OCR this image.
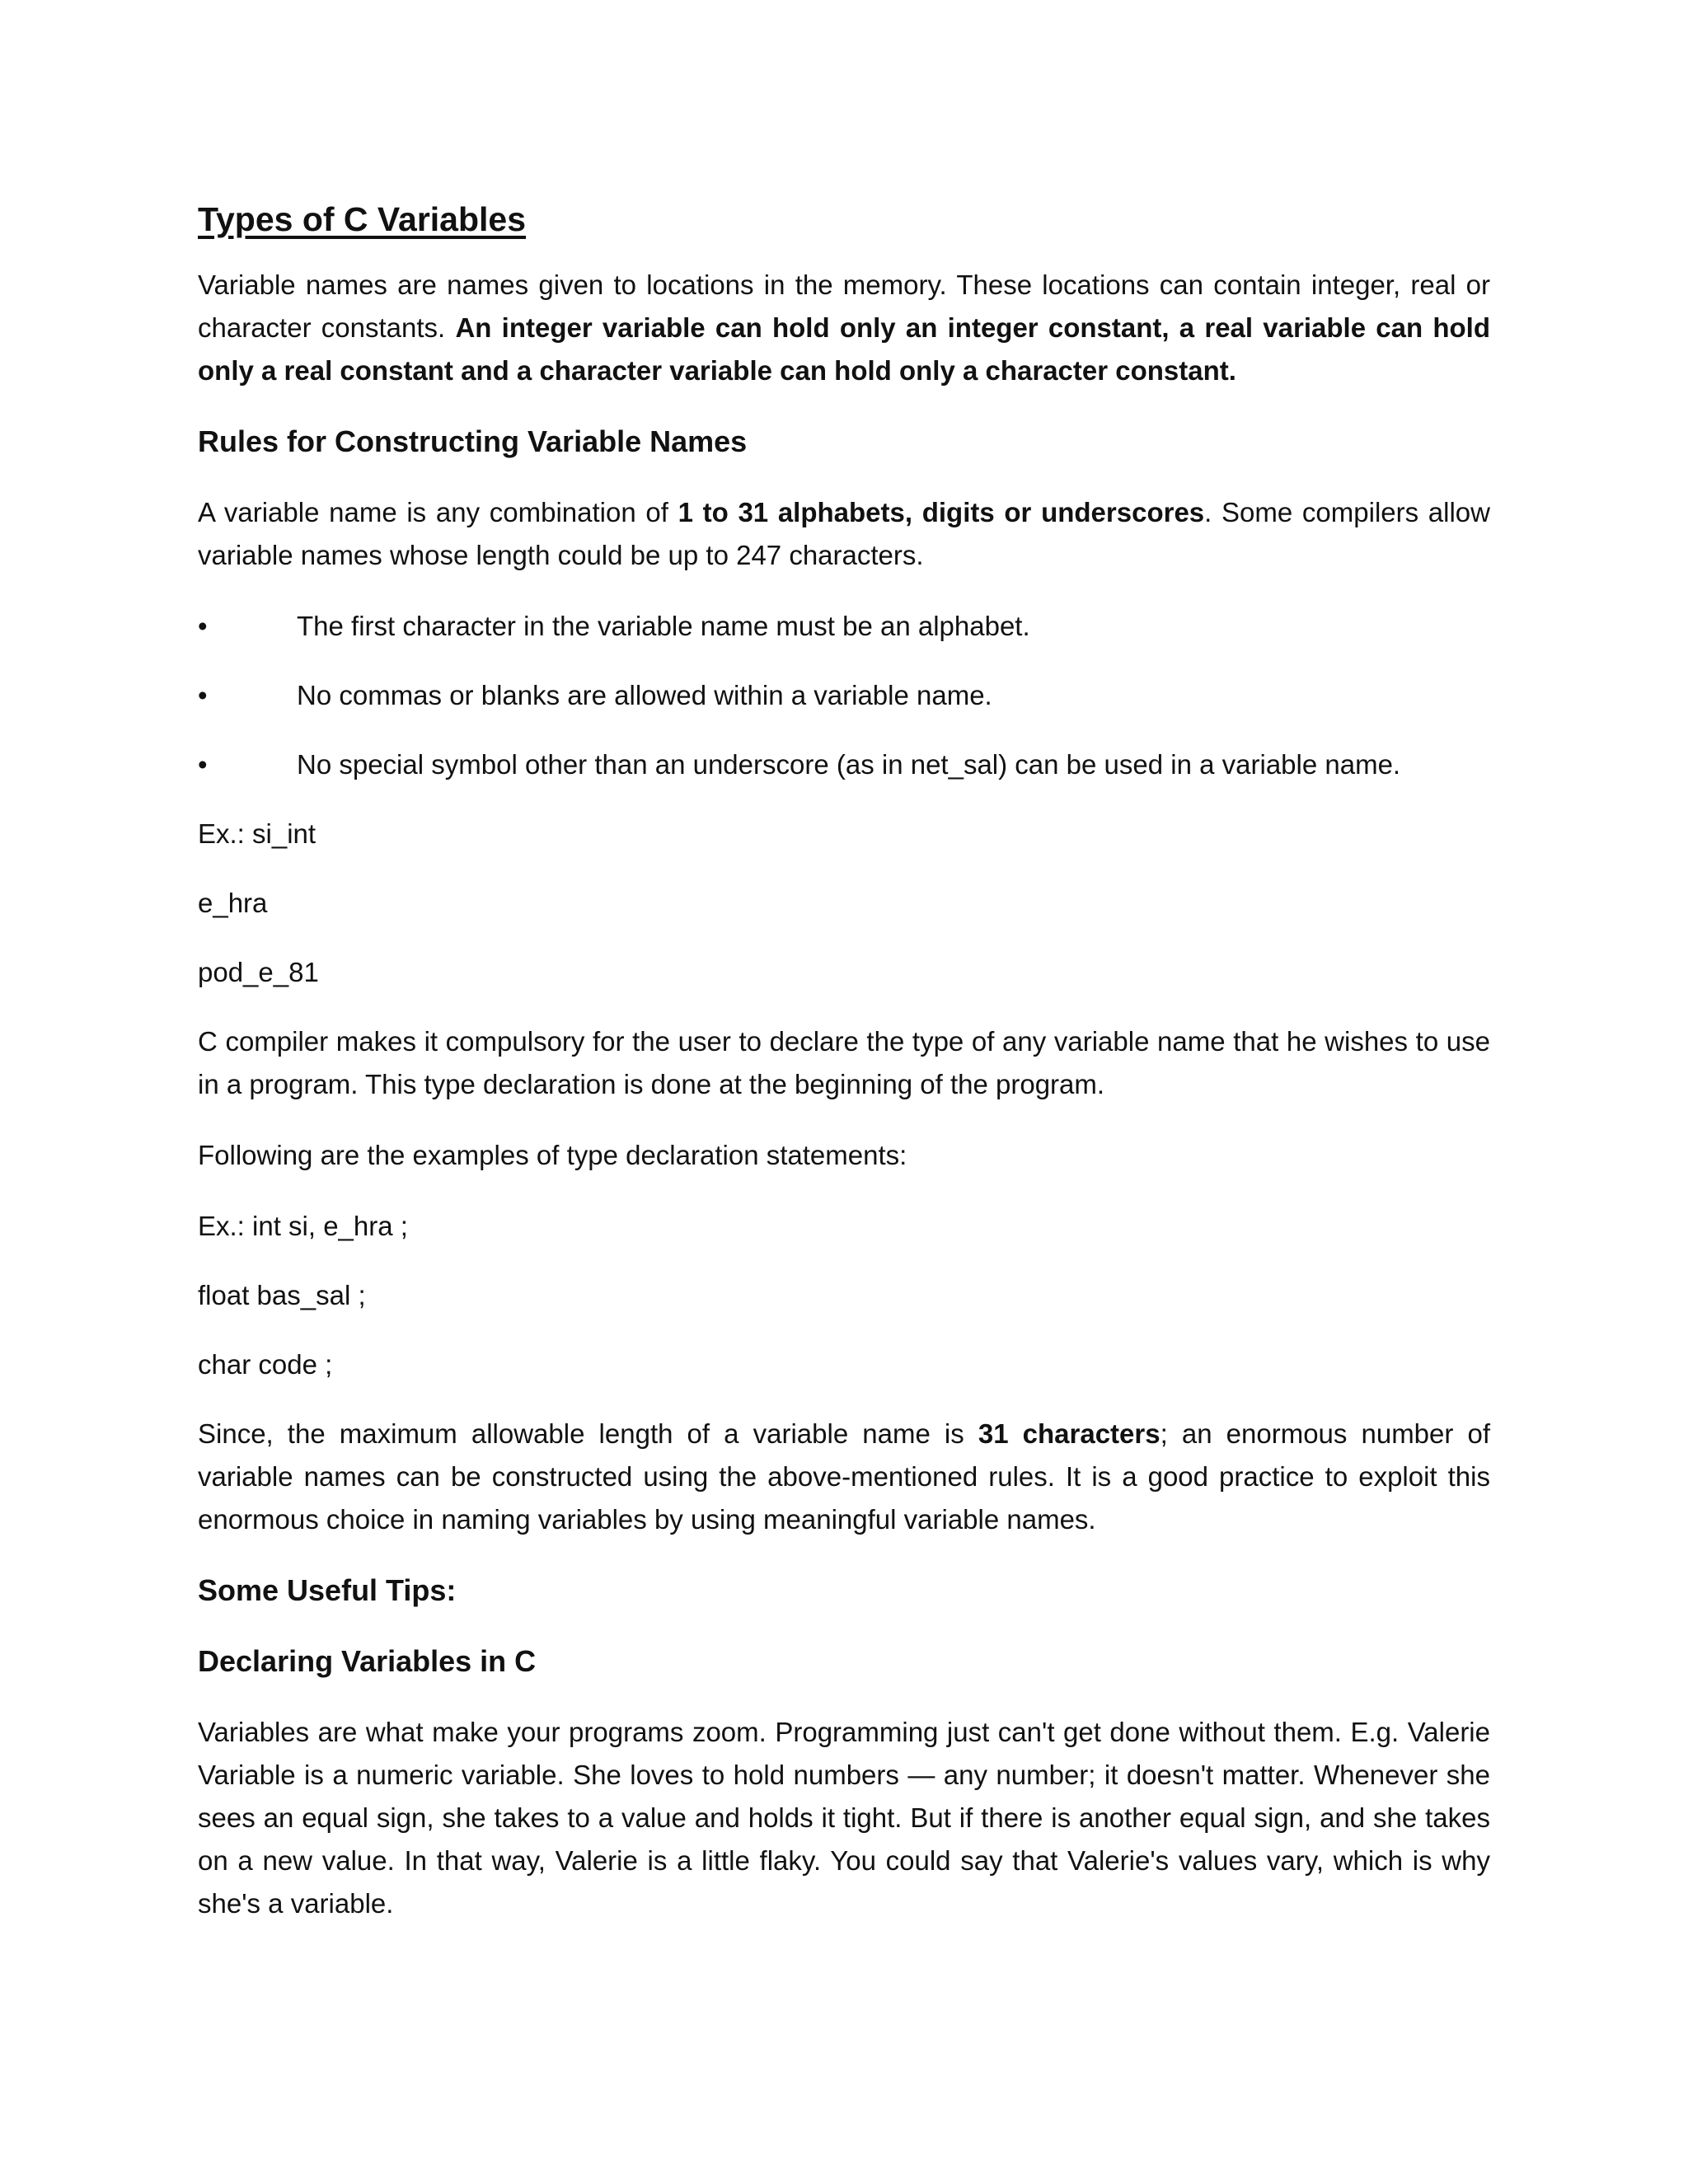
Types of C Variables

Variable names are names given to locations in the memory. These locations can contain integer, real or character constants. An integer variable can hold only an integer constant, a real variable can hold only a real constant and a character variable can hold only a character constant.

Rules for Constructing Variable Names

A variable name is any combination of 1 to 31 alphabets, digits or underscores. Some compilers allow variable names whose length could be up to 247 characters.

•	The first character in the variable name must be an alphabet.
•	No commas or blanks are allowed within a variable name.
•	No special symbol other than an underscore (as in net_sal) can be used in a variable name.

Ex.: si_int

e_hra

pod_e_81

C compiler makes it compulsory for the user to declare the type of any variable name that he wishes to use in a program. This type declaration is done at the beginning of the program.

Following are the examples of type declaration statements:

Ex.: int si, e_hra ;

float bas_sal ;

char code ;

Since, the maximum allowable length of a variable name is 31 characters; an enormous number of variable names can be constructed using the above-mentioned rules. It is a good practice to exploit this enormous choice in naming variables by using meaningful variable names.

Some Useful Tips:
Declaring Variables in C

Variables are what make your programs zoom. Programming just can't get done without them. E.g. Valerie Variable is a numeric variable. She loves to hold numbers — any number; it doesn't matter. Whenever she sees an equal sign, she takes to a value and holds it tight. But if there is another equal sign, and she takes on a new value. In that way, Valerie is a little flaky. You could say that Valerie's values vary, which is why she's a variable.
